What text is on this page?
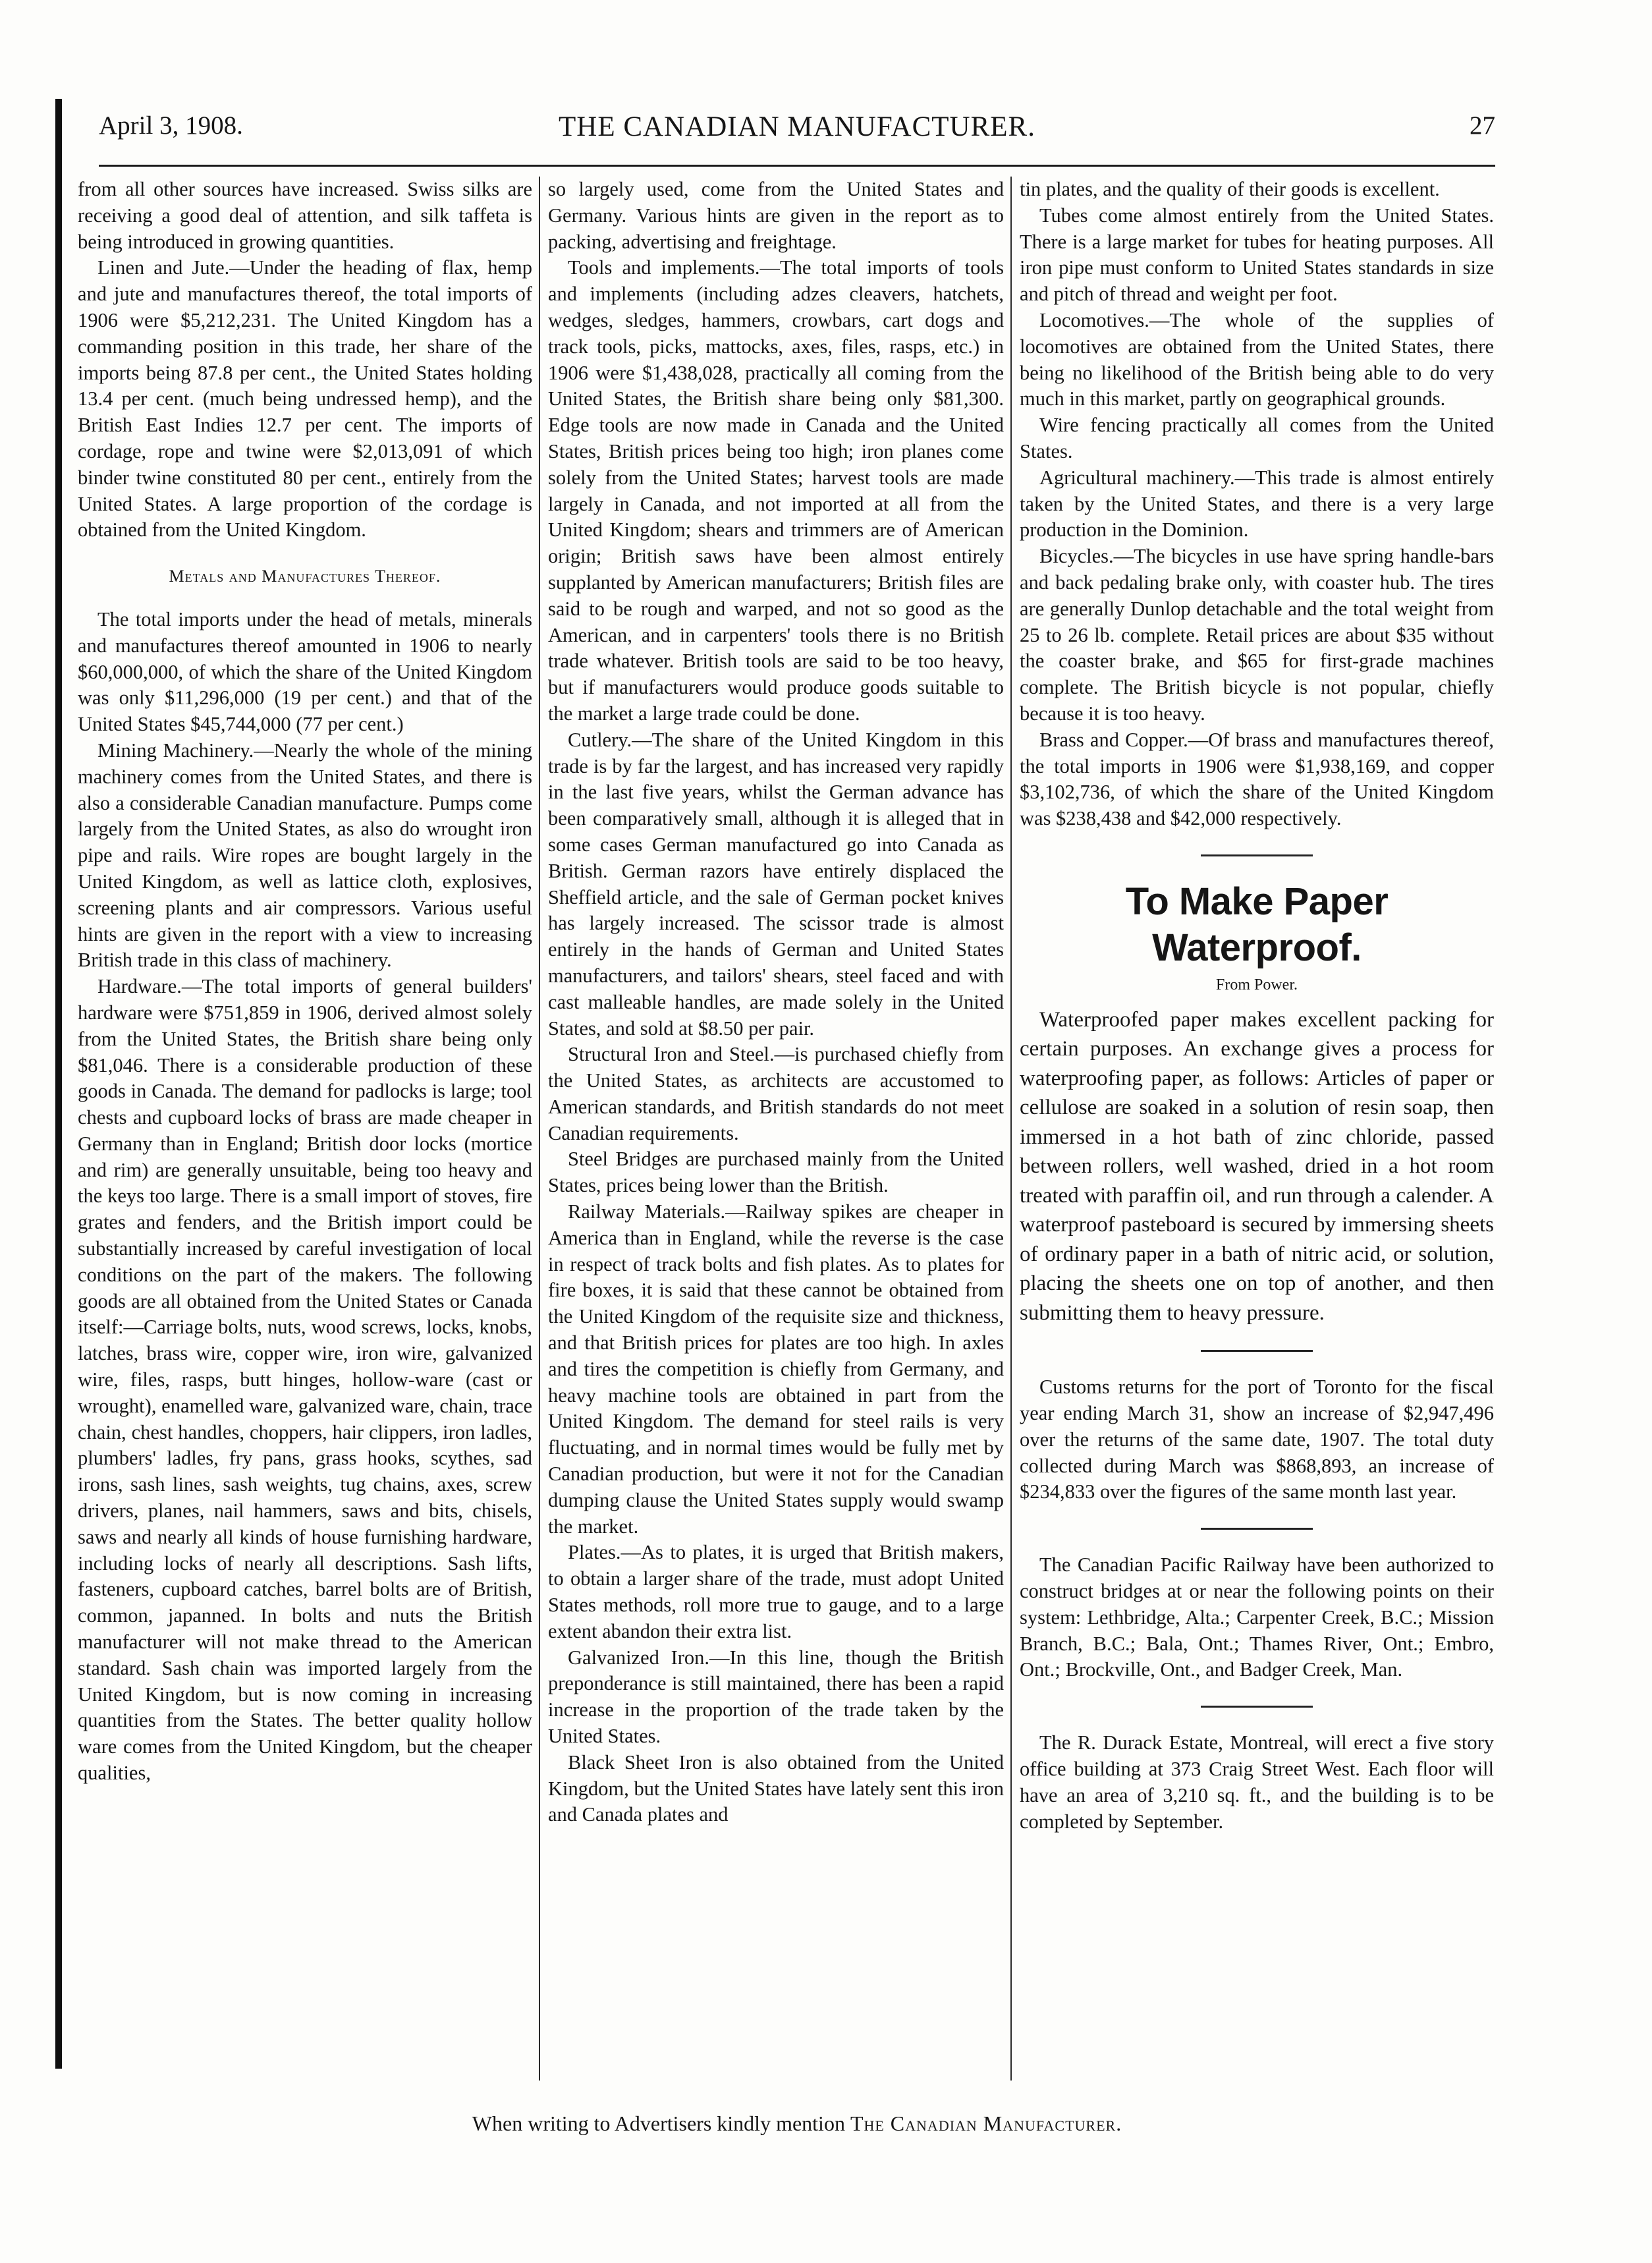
April 3, 1908.	THE CANADIAN MANUFACTURER.	27

from all other sources have increased. Swiss silks are receiving a good deal of attention, and silk taffeta is being introduced in growing quantities.

Linen and Jute.—Under the heading of flax, hemp and jute and manufactures thereof, the total imports of 1906 were $5,212,231. The United Kingdom has a commanding position in this trade, her share of the imports being 87.8 per cent., the United States holding 13.4 per cent. (much being undressed hemp), and the British East Indies 12.7 per cent. The imports of cordage, rope and twine were $2,013,091 of which binder twine constituted 80 per cent., entirely from the United States. A large proportion of the cordage is obtained from the United Kingdom.

Metals and Manufactures Thereof.

The total imports under the head of metals, minerals and manufactures thereof amounted in 1906 to nearly $60,000,000, of which the share of the United Kingdom was only $11,296,000 (19 per cent.) and that of the United States $45,744,000 (77 per cent.)

Mining Machinery.—Nearly the whole of the mining machinery comes from the United States, and there is also a considerable Canadian manufacture. Pumps come largely from the United States, as also do wrought iron pipe and rails. Wire ropes are bought largely in the United Kingdom, as well as lattice cloth, explosives, screening plants and air compressors. Various useful hints are given in the report with a view to increasing British trade in this class of machinery.

Hardware.—The total imports of general builders' hardware were $751,859 in 1906, derived almost solely from the United States, the British share being only $81,046. There is a considerable production of these goods in Canada. The demand for padlocks is large; tool chests and cupboard locks of brass are made cheaper in Germany than in England; British door locks (mortice and rim) are generally unsuitable, being too heavy and the keys too large. There is a small import of stoves, fire grates and fenders, and the British import could be substantially increased by careful investigation of local conditions on the part of the makers. The following goods are all obtained from the United States or Canada itself:—Carriage bolts, nuts, wood screws, locks, knobs, latches, brass wire, copper wire, iron wire, galvanized wire, files, rasps, butt hinges, hollow-ware (cast or wrought), enamelled ware, galvanized ware, chain, trace chain, chest handles, choppers, hair clippers, iron ladles, plumbers' ladles, fry pans, grass hooks, scythes, sad irons, sash lines, sash weights, tug chains, axes, screw drivers, planes, nail hammers, saws and bits, chisels, saws and nearly all kinds of house furnishing hardware, including locks of nearly all descriptions. Sash lifts, fasteners, cupboard catches, barrel bolts are of British, common, japanned. In bolts and nuts the British manufacturer will not make thread to the American standard. Sash chain was imported largely from the United Kingdom, but is now coming in increasing quantities from the States. The better quality hollow ware comes from the United Kingdom, but the cheaper qualities,

so largely used, come from the United States and Germany. Various hints are given in the report as to packing, advertising and freightage.

Tools and implements.—The total imports of tools and implements (including adzes cleavers, hatchets, wedges, sledges, hammers, crowbars, cart dogs and track tools, picks, mattocks, axes, files, rasps, etc.) in 1906 were $1,438,028, practically all coming from the United States, the British share being only $81,300. Edge tools are now made in Canada and the United States, British prices being too high; iron planes come solely from the United States; harvest tools are made largely in Canada, and not imported at all from the United Kingdom; shears and trimmers are of American origin; British saws have been almost entirely supplanted by American manufacturers; British files are said to be rough and warped, and not so good as the American, and in carpenters' tools there is no British trade whatever. British tools are said to be too heavy, but if manufacturers would produce goods suitable to the market a large trade could be done.

Cutlery.—The share of the United Kingdom in this trade is by far the largest, and has increased very rapidly in the last five years, whilst the German advance has been comparatively small, although it is alleged that in some cases German manufactured go into Canada as British. German razors have entirely displaced the Sheffield article, and the sale of German pocket knives has largely increased. The scissor trade is almost entirely in the hands of German and United States manufacturers, and tailors' shears, steel faced and with cast malleable handles, are made solely in the United States, and sold at $8.50 per pair.

Structural Iron and Steel.—is purchased chiefly from the United States, as architects are accustomed to American standards, and British standards do not meet Canadian requirements.

Steel Bridges are purchased mainly from the United States, prices being lower than the British.

Railway Materials.—Railway spikes are cheaper in America than in England, while the reverse is the case in respect of track bolts and fish plates. As to plates for fire boxes, it is said that these cannot be obtained from the United Kingdom of the requisite size and thickness, and that British prices for plates are too high. In axles and tires the competition is chiefly from Germany, and heavy machine tools are obtained in part from the United Kingdom. The demand for steel rails is very fluctuating, and in normal times would be fully met by Canadian production, but were it not for the Canadian dumping clause the United States supply would swamp the market.

Plates.—As to plates, it is urged that British makers, to obtain a larger share of the trade, must adopt United States methods, roll more true to gauge, and to a large extent abandon their extra list.

Galvanized Iron.—In this line, though the British preponderance is still maintained, there has been a rapid increase in the proportion of the trade taken by the United States.

Black Sheet Iron is also obtained from the United Kingdom, but the United States have lately sent this iron and Canada plates and

tin plates, and the quality of their goods is excellent.

Tubes come almost entirely from the United States. There is a large market for tubes for heating purposes. All iron pipe must conform to United States standards in size and pitch of thread and weight per foot.

Locomotives.—The whole of the supplies of locomotives are obtained from the United States, there being no likelihood of the British being able to do very much in this market, partly on geographical grounds.

Wire fencing practically all comes from the United States.

Agricultural machinery.—This trade is almost entirely taken by the United States, and there is a very large production in the Dominion.

Bicycles.—The bicycles in use have spring handle-bars and back pedaling brake only, with coaster hub. The tires are generally Dunlop detachable and the total weight from 25 to 26 lb. complete. Retail prices are about $35 without the coaster brake, and $65 for first-grade machines complete. The British bicycle is not popular, chiefly because it is too heavy.

Brass and Copper.—Of brass and manufactures thereof, the total imports in 1906 were $1,938,169, and copper $3,102,736, of which the share of the United Kingdom was $238,438 and $42,000 respectively.

To Make Paper Waterproof.

From Power.

Waterproofed paper makes excellent packing for certain purposes. An exchange gives a process for waterproofing paper, as follows: Articles of paper or cellulose are soaked in a solution of resin soap, then immersed in a hot bath of zinc chloride, passed between rollers, well washed, dried in a hot room treated with paraffin oil, and run through a calender. A waterproof pasteboard is secured by immersing sheets of ordinary paper in a bath of nitric acid, or solution, placing the sheets one on top of another, and then submitting them to heavy pressure.

Customs returns for the port of Toronto for the fiscal year ending March 31, show an increase of $2,947,496 over the returns of the same date, 1907. The total duty collected during March was $868,893, an increase of $234,833 over the figures of the same month last year.

The Canadian Pacific Railway have been authorized to construct bridges at or near the following points on their system: Lethbridge, Alta.; Carpenter Creek, B.C.; Mission Branch, B.C.; Bala, Ont.; Thames River, Ont.; Embro, Ont.; Brockville, Ont., and Badger Creek, Man.

The R. Durack Estate, Montreal, will erect a five story office building at 373 Craig Street West. Each floor will have an area of 3,210 sq. ft., and the building is to be completed by September.

When writing to Advertisers kindly mention The Canadian Manufacturer.
